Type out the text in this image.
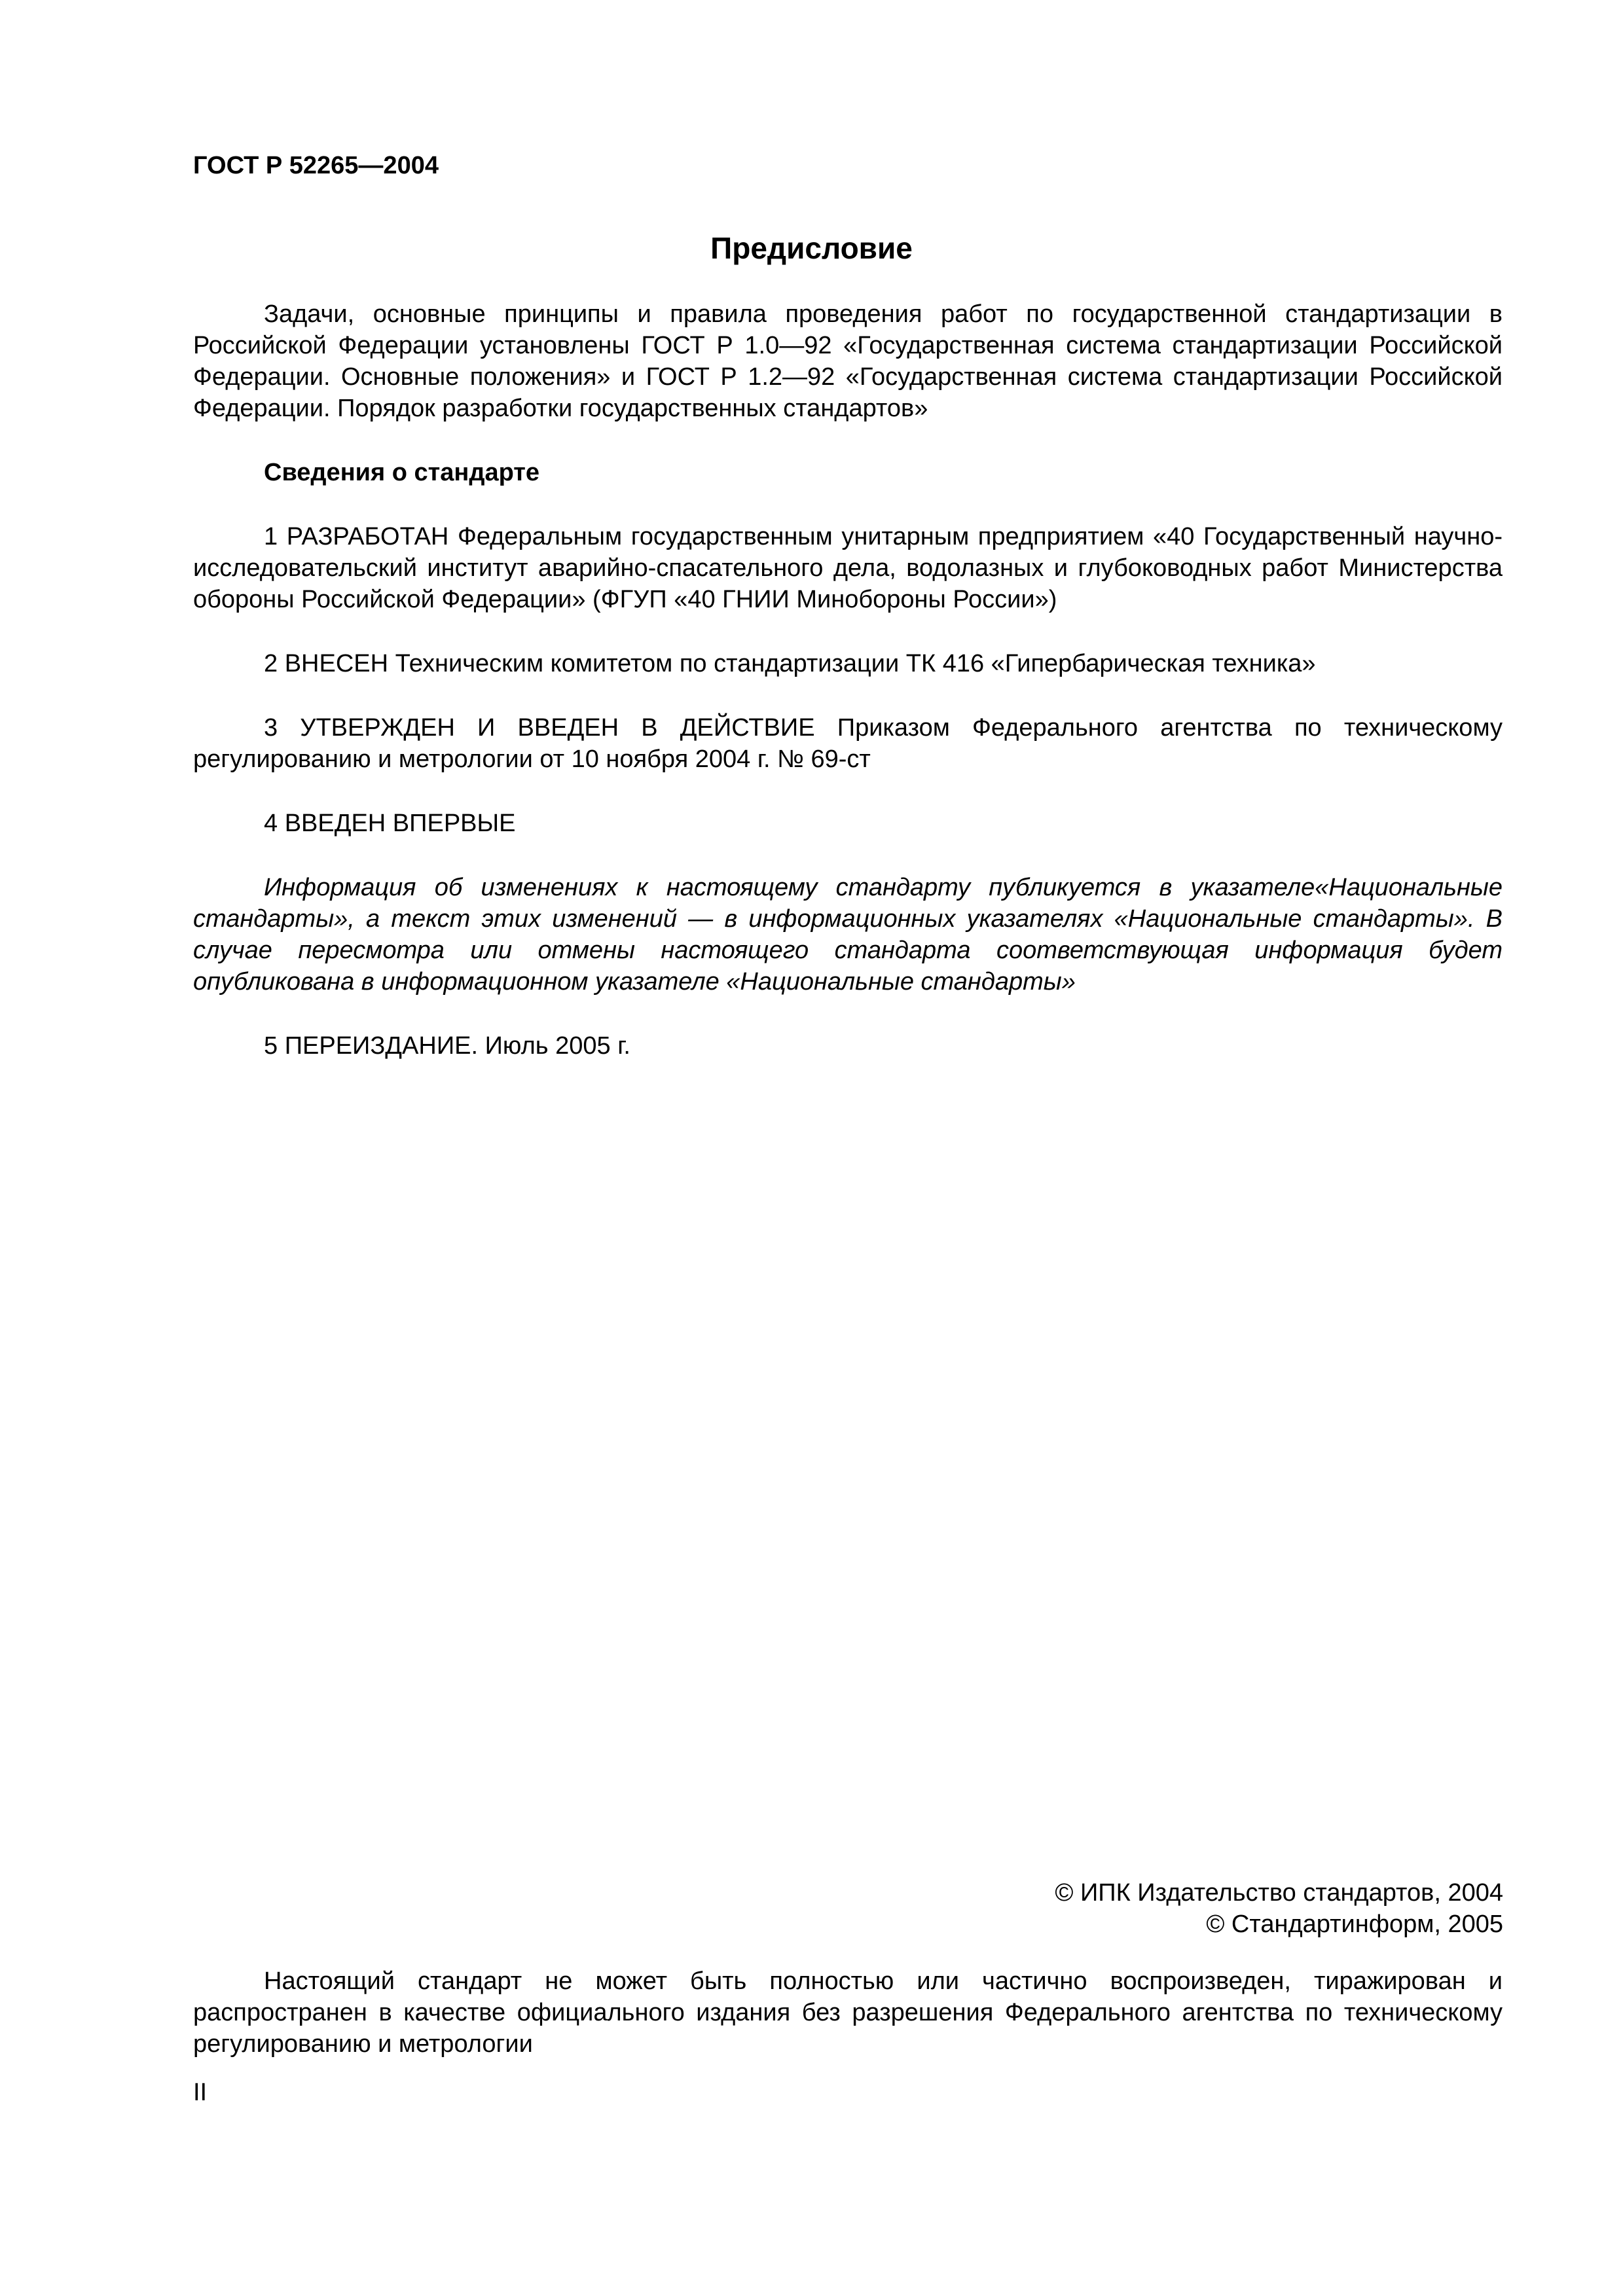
ГОСТ Р 52265—2004
Предисловие

Задачи, основные принципы и правила проведения работ по государственной стандартизации в Российской Федерации установлены ГОСТ Р 1.0—92 «Государственная система стандартизации Российской Федерации. Основные положения» и ГОСТ Р 1.2—92 «Государственная система стандартизации Российской Федерации. Порядок разработки государственных стандартов»

Сведения о стандарте

1 РАЗРАБОТАН Федеральным государственным унитарным предприятием «40 Государственный научно-исследовательский институт аварийно-спасательного дела, водолазных и глубоководных работ Министерства обороны Российской Федерации» (ФГУП «40 ГНИИ Минобороны России»)

2 ВНЕСЕН Техническим комитетом по стандартизации ТК 416 «Гипербарическая техника»

3 УТВЕРЖДЕН И ВВЕДЕН В ДЕЙСТВИЕ Приказом Федерального агентства по техническому регулированию и метрологии от 10 ноября 2004 г. № 69-ст

4 ВВЕДЕН ВПЕРВЫЕ

Информация об изменениях к настоящему стандарту публикуется в указателе«Национальные стандарты», а текст этих изменений — в информационных указателях «Национальные стандарты». В случае пересмотра или отмены настоящего стандарта соответствующая информация будет опубликована в информационном указателе «Национальные стандарты»

5 ПЕРЕИЗДАНИЕ. Июль 2005 г.

© ИПК Издательство стандартов, 2004
© Стандартинформ, 2005

Настоящий стандарт не может быть полностью или частично воспроизведен, тиражирован и распространен в качестве официального издания без разрешения Федерального агентства по техническому регулированию и метрологии

II
